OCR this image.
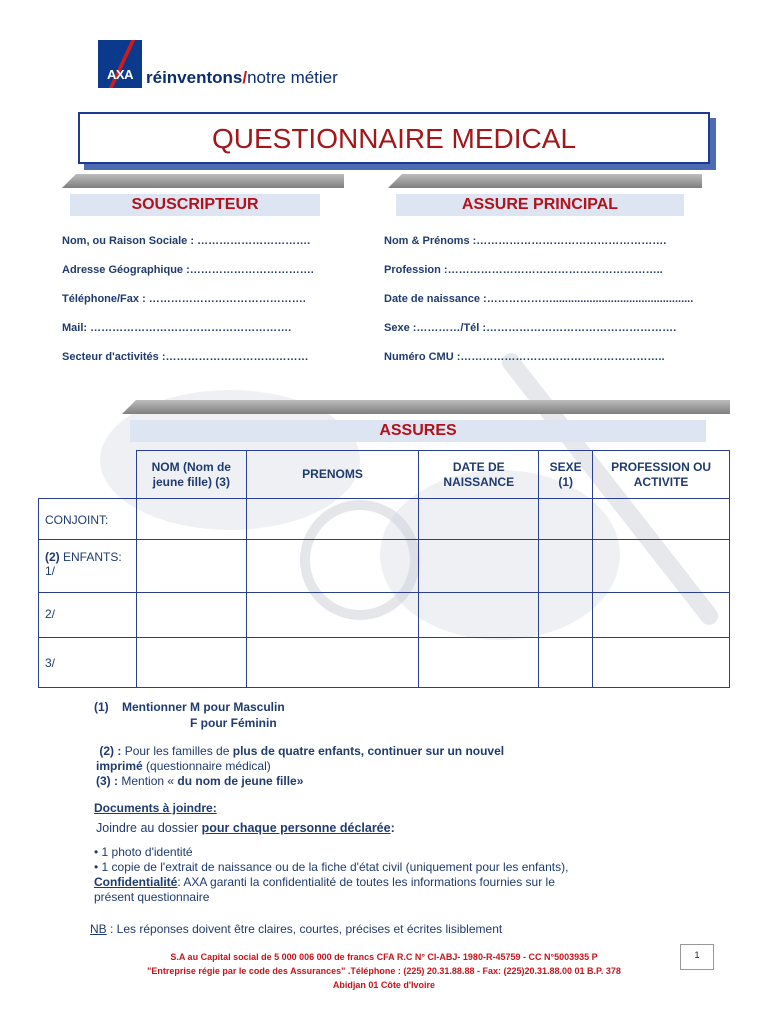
AXA réinventons/notre métier
QUESTIONNAIRE MEDICAL
SOUSCRIPTEUR	ASSURE PRINCIPAL
Nom, ou Raison Sociale : ………………………….
Adresse Géographique :…………………………….
Téléphone/Fax : …………………………………….
Mail: ……………………………………………….
Secteur d'activités :…………………………………
Nom & Prénoms :…………………………………………….
Profession :…………………………………………………..
Date de naissance :………………..............................................
Sexe :…………/Tél :…………………………………………….
Numéro CMU :………………………………………………..
ASSURES
	NOM (Nom de jeune fille) (3)	PRENOMS	DATE DE NAISSANCE	SEXE (1)	PROFESSION OU ACTIVITE
CONJOINT:					
(2) ENFANTS:
1/					
2/					
3/					
(1) Mentionner M pour Masculin
F pour Féminin
(2) : Pour les familles de plus de quatre enfants, continuer sur un nouvel
imprimé (questionnaire médical)
(3) : Mention « du nom de jeune fille»
Documents à joindre:
Joindre au dossier pour chaque personne déclarée:
• 1 photo d'identité
• 1 copie de l'extrait de naissance ou de la fiche d'état civil (uniquement pour les enfants),
Confidentialité: AXA garanti la confidentialité de toutes les informations fournies sur le
présent questionnaire
NB : Les réponses doivent être claires, courtes, précises et écrites lisiblement
S.A au Capital social de 5 000 006 000 de francs CFA R.C N° CI-ABJ- 1980-R-45759 - CC N°5003935 P
"Entreprise régie par le code des Assurances" .Téléphone : (225) 20.31.88.88 - Fax: (225)20.31.88.00 01 B.P. 378
Abidjan 01 Côte d'Ivoire
1
